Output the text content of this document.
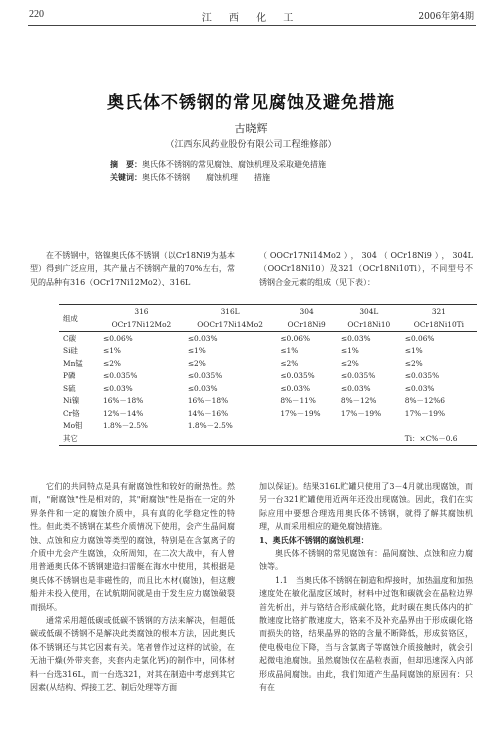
220	江 西 化 工	2006年第4期
奥氏体不锈钢的常见腐蚀及避免措施
古晓辉
（江西东风药业股份有限公司工程维修部）
摘　要：奥氏体不锈钢的常见腐蚀、腐蚀机理及采取避免措施
关键词：奥氏体不锈钢 腐蚀机理 措施

在不锈钢中，铬镍奥氏体不锈钢（以Cr18Ni9为基本型）得到广泛应用，其产量占不锈钢产量的70%左右，常见的品种有316（OCr17Ni12Mo2）、316L

（OOCr17Ni14Mo2），304（OCr18Ni9），304L（OOCr18Ni10）及321（OCr18Ni10Ti），不同型号不锈钢合金元素的组成（见下表）：

组成	316	316L	304	304L	321
	OCr17Ni12Mo2	OOCr17Ni14Mo2	OCr18Ni9	OCr18Ni10	OCr18Ni10Ti
C碳	≤0.06%	≤0.03%	≤0.06%	≤0.03%	≤0.06%
Si硅	≤1%	≤1%	≤1%	≤1%	≤1%
Mn锰	≤2%	≤2%	≤2%	≤2%	≤2%
P磷	≤0.035%	≤0.035%	≤0.035%	≤0.035%	≤0.035%
S硫	≤0.03%	≤0.03%	≤0.03%	≤0.03%	≤0.03%
Ni镍	16%－18%	16%－18%	8%－11%	8%－12%	8%－12%6
Cr铬	12%－14%	14%－16%	17%－19%	17%－19%	17%－19%
Mo钼	1.8%－2.5%	1.8%－2.5%			
其它					Ti：×C%－0.6

它们的共同特点是具有耐腐蚀性和较好的耐热性。然而，"耐腐蚀"性是相对的，其"耐腐蚀"性是指在一定的外界条件和一定的腐蚀介质中，具有真的化学稳定性的特性。但此类不锈钢在某些介质情况下使用，会产生晶间腐蚀、点蚀和应力腐蚀等类型的腐蚀，特别是在含氯离子的介质中尤会产生腐蚀，众所周知，在二次大战中，有人曾用普通奥氏体不锈钢建造扫雷艇在海水中使用，其根据是奥氏体不锈钢也是非磁性的，而且比木材(腐蚀)，但这艘船并未投入使用，在试航期间就是由于发生应力腐蚀破裂而损坏。

通常采用超低碳或低碳不锈钢的方法来解决，但超低碳或低碳不锈钢不是解决此类腐蚀的根本方法，因此奥氏体不锈钢还与其它因素有关。笔者曾作过这样的试验，在无油干燥(外带夹套，夹套内走氯化钙)的制作中，同体材料一台选316L，而一台选321，对其在制造中考虑到其它因素(从结构、焊接工艺、制后处理等方面

加以保证)。结果316L贮罐只使用了3－4月就出现腐蚀，而另一台321贮罐使用近两年还没出现腐蚀。因此，我们在实际应用中要想合理选用奥氏体不锈钢，就得了解其腐蚀机理，从而采用相应的避免腐蚀措施。

1、奥氏体不锈钢的腐蚀机理：

奥氏体不锈钢的常见腐蚀有：晶间腐蚀、点蚀和应力腐蚀等。

1.1　当奥氏体不锈钢在制造和焊接时，加热温度和加热速度处在敏化温度区域时，材料中过饱和碳就会在晶粒边界首先析出，并与铬结合形成碳化铬，此时碳在奥氏体内的扩散速度比铬扩散速度大，铬来不及补充晶界由于形成碳化铬而损失的铬，结果晶界的铬的含量不断降低，形成贫铬区，使电极电位下降，当与含氯离子等腐蚀介质接触时，就会引起微电池腐蚀。虽然腐蚀仅在晶粒表面，但却迅速深入内部形成晶间腐蚀。由此，我们知道产生晶间腐蚀的原因有：只有在
